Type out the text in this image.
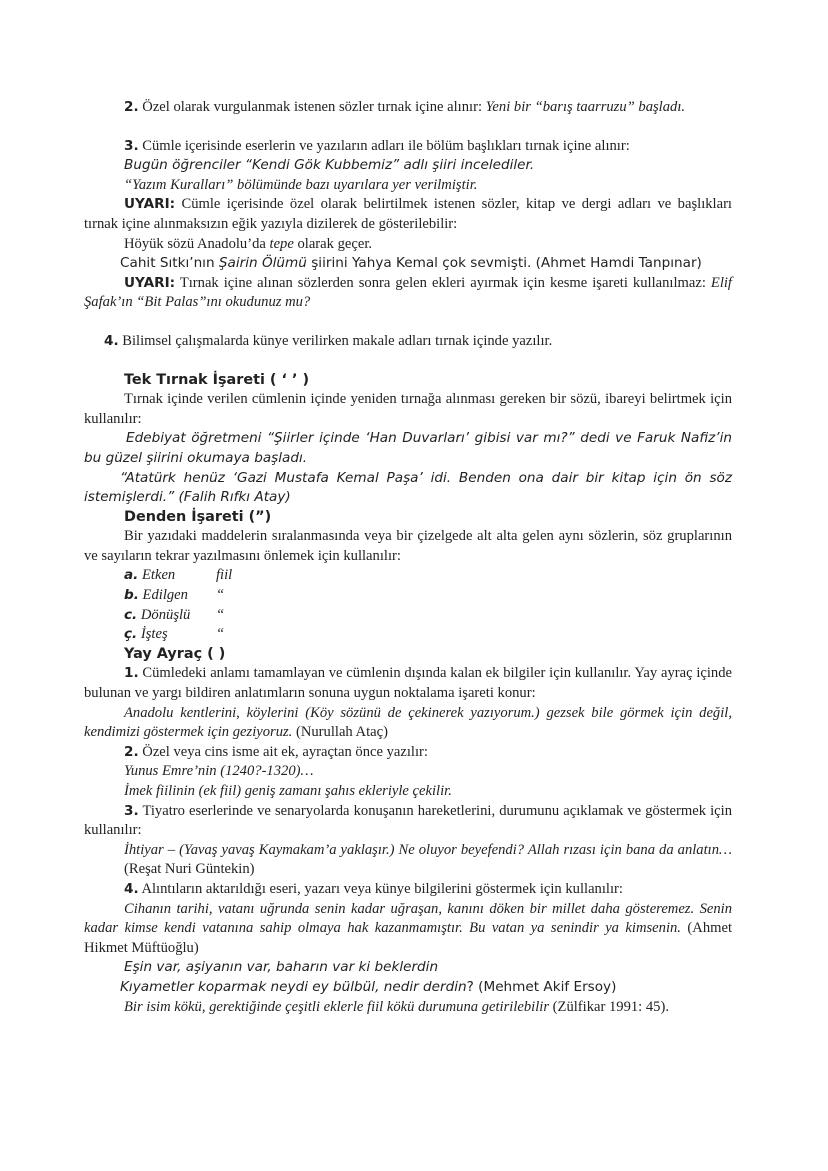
2. Özel olarak vurgulanmak istenen sözler tırnak içine alınır: Yeni bir “barış taarruzu” başladı.

3. Cümle içerisinde eserlerin ve yazıların adları ile bölüm başlıkları tırnak içine alınır:

Bugün öğrenciler “Kendi Gök Kubbemiz” adlı şiiri incelediler.

“Yazım Kuralları” bölümünde bazı uyarılara yer verilmiştir.

UYARI: Cümle içerisinde özel olarak belirtilmek istenen sözler, kitap ve dergi adları ve başlıkları tırnak içine alınmaksızın eğik yazıyla dizilerek de gösterilebilir:

Höyük sözü Anadolu’da tepe olarak geçer.

Cahit Sıtkı’nın Şairin Ölümü şiirini Yahya Kemal çok sevmişti. (Ahmet Hamdi Tanpınar)

UYARI: Tırnak içine alınan sözlerden sonra gelen ekleri ayırmak için kesme işareti kullanılmaz: Elif Şafak’ın “Bit Palas”ını okudunuz mu?

4. Bilimsel çalışmalarda künye verilirken makale adları tırnak içinde yazılır.

Tek Tırnak İşareti ( ‘ ’ )

Tırnak içinde verilen cümlenin içinde yeniden tırnağa alınması gereken bir sözü, ibareyi belirtmek için kullanılır:

Edebiyat öğretmeni “Şiirler içinde ‘Han Duvarları’ gibisi var mı?” dedi ve Faruk Nafiz’in bu güzel şiirini okumaya başladı.

“Atatürk henüz ‘Gazi Mustafa Kemal Paşa’ idi. Benden ona dair bir kitap için ön söz istemişlerdi.” (Falih Rıfkı Atay)

Denden İşareti (”)

Bir yazıdaki maddelerin sıralanmasında veya bir çizelgede alt alta gelen aynı sözlerin, söz gruplarının ve sayıların tekrar yazılmasını önlemek için kullanılır:

a. Etken	fiil
b. Edilgen	“
c. Dönüşlü	“
ç. İşteş	“

Yay Ayraç ( )

1. Cümledeki anlamı tamamlayan ve cümlenin dışında kalan ek bilgiler için kullanılır. Yay ayraç içinde bulunan ve yargı bildiren anlatımların sonuna uygun noktalama işareti konur:

Anadolu kentlerini, köylerini (Köy sözünü de çekinerek yazıyorum.) gezsek bile görmek için değil, kendimizi göstermek için geziyoruz. (Nurullah Ataç)

2. Özel veya cins isme ait ek, ayraçtan önce yazılır:

Yunus Emre’nin (1240?-1320)…

İmek fiilinin (ek fiil) geniş zamanı şahıs ekleriyle çekilir.

3. Tiyatro eserlerinde ve senaryolarda konuşanın hareketlerini, durumunu açıklamak ve göstermek için kullanılır:

İhtiyar – (Yavaş yavaş Kaymakam’a yaklaşır.) Ne oluyor beyefendi? Allah rızası için bana da anlatın… (Reşat Nuri Güntekin)

4. Alıntıların aktarıldığı eseri, yazarı veya künye bilgilerini göstermek için kullanılır:

Cihanın tarihi, vatanı uğrunda senin kadar uğraşan, kanını döken bir millet daha gösteremez. Senin kadar kimse kendi vatanına sahip olmaya hak kazanmamıştır. Bu vatan ya senindir ya kimsenin. (Ahmet Hikmet Müftüoğlu)

Eşin var, aşiyanın var, baharın var ki beklerdin

Kıyametler koparmak neydi ey bülbül, nedir derdin? (Mehmet Akif Ersoy)

Bir isim kökü, gerektiğinde çeşitli eklerle fiil kökü durumuna getirilebilir (Zülfikar 1991: 45).
